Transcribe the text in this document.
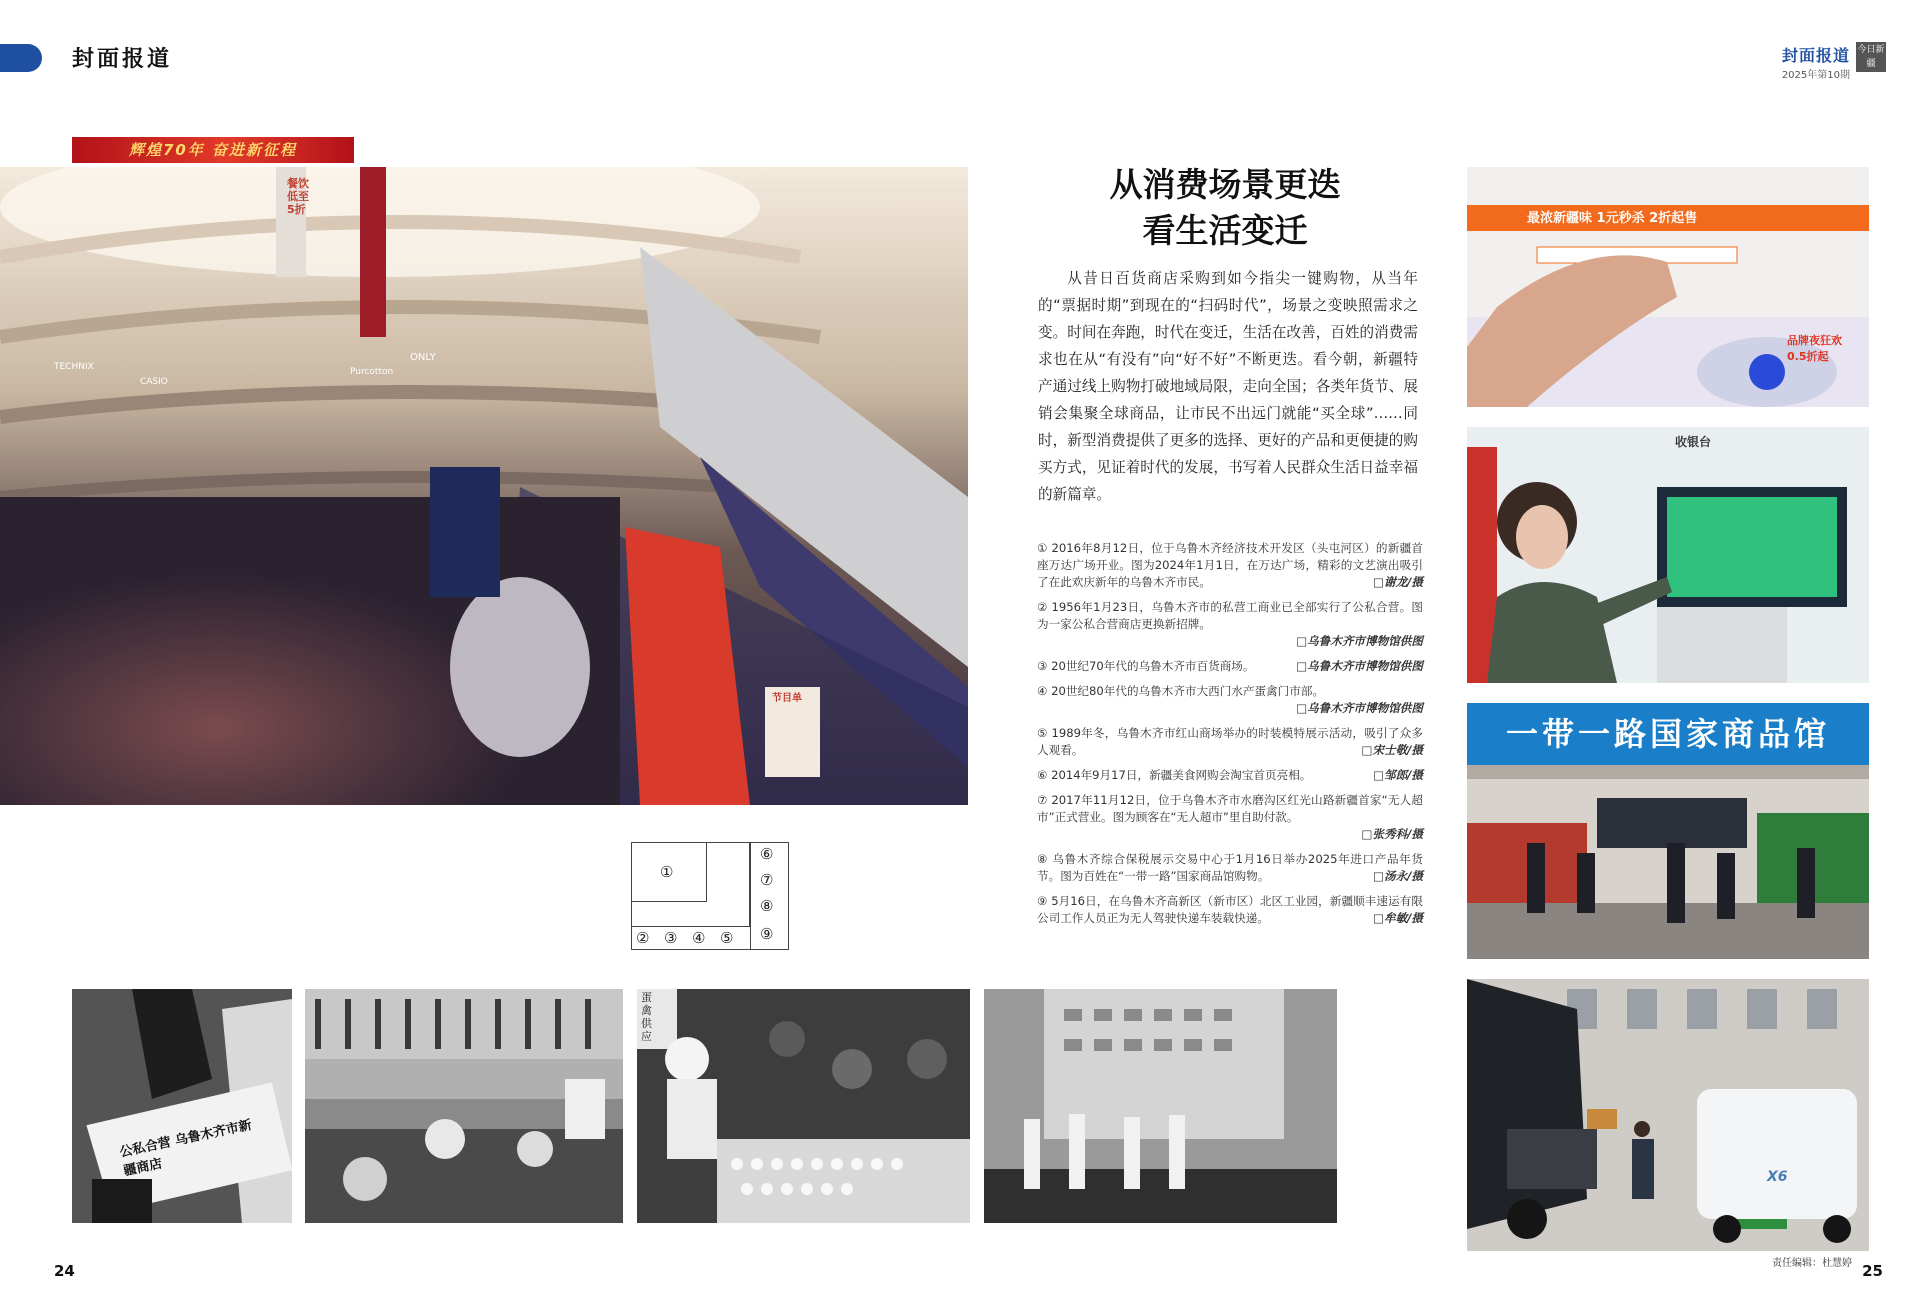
封面报道	封面报道
2025年第10期
今日新疆
辉煌70年 奋进新征程
节目单
TECHNIX
ONLY
CASIO
Purcotton
餐饮低至5折
从消费场景更迭
看生活变迁
从昔日百货商店采购到如今指尖一键购物，从当年的“票据时期”到现在的“扫码时代”，场景之变映照需求之变。时间在奔跑，时代在变迁，生活在改善，百姓的消费需求也在从“有没有”向“好不好”不断更迭。看今朝，新疆特产通过线上购物打破地域局限，走向全国；各类年货节、展销会集聚全球商品，让市民不出远门就能“买全球”……同时，新型消费提供了更多的选择、更好的产品和更便捷的购买方式，见证着时代的发展，书写着人民群众生活日益幸福的新篇章。
① 2016年8月12日，位于乌鲁木齐经济技术开发区（头屯河区）的新疆首座万达广场开业。图为2024年1月1日，在万达广场，精彩的文艺演出吸引了在此欢庆新年的乌鲁木齐市民。	□谢龙/摄
② 1956年1月23日，乌鲁木齐市的私营工商业已全部实行了公私合营。图为一家公私合营商店更换新招牌。
□乌鲁木齐市博物馆供图
③ 20世纪70年代的乌鲁木齐市百货商场。	□乌鲁木齐市博物馆供图
④ 20世纪80年代的乌鲁木齐市大西门水产蛋禽门市部。
□乌鲁木齐市博物馆供图
⑤ 1989年冬，乌鲁木齐市红山商场举办的时装模特展示活动，吸引了众多人观看。	□宋士敬/摄
⑥ 2014年9月17日，新疆美食网购会淘宝首页亮相。	□邹郎/摄
⑦ 2017年11月12日，位于乌鲁木齐市水磨沟区红光山路新疆首家“无人超市”正式营业。图为顾客在“无人超市”里自助付款。
□张秀科/摄
⑧ 乌鲁木齐综合保税展示交易中心于1月16日举办2025年进口产品年货节。图为百姓在“一带一路”国家商品馆购物。	□汤永/摄
⑨ 5月16日，在乌鲁木齐高新区（新市区）北区工业园，新疆顺丰速运有限公司工作人员正为无人驾驶快递车装载快递。	□牟敏/摄
①
② ③ ④ ⑤
⑥
⑦
⑧
⑨
公私合营 乌鲁木齐市新疆商店
蛋禽 供应
最浓新疆味 1元秒杀 2折起售
品牌夜狂欢 0.5折起
收银台
一带一路国家商品馆
X6
24	25
责任编辑：杜慧婷
